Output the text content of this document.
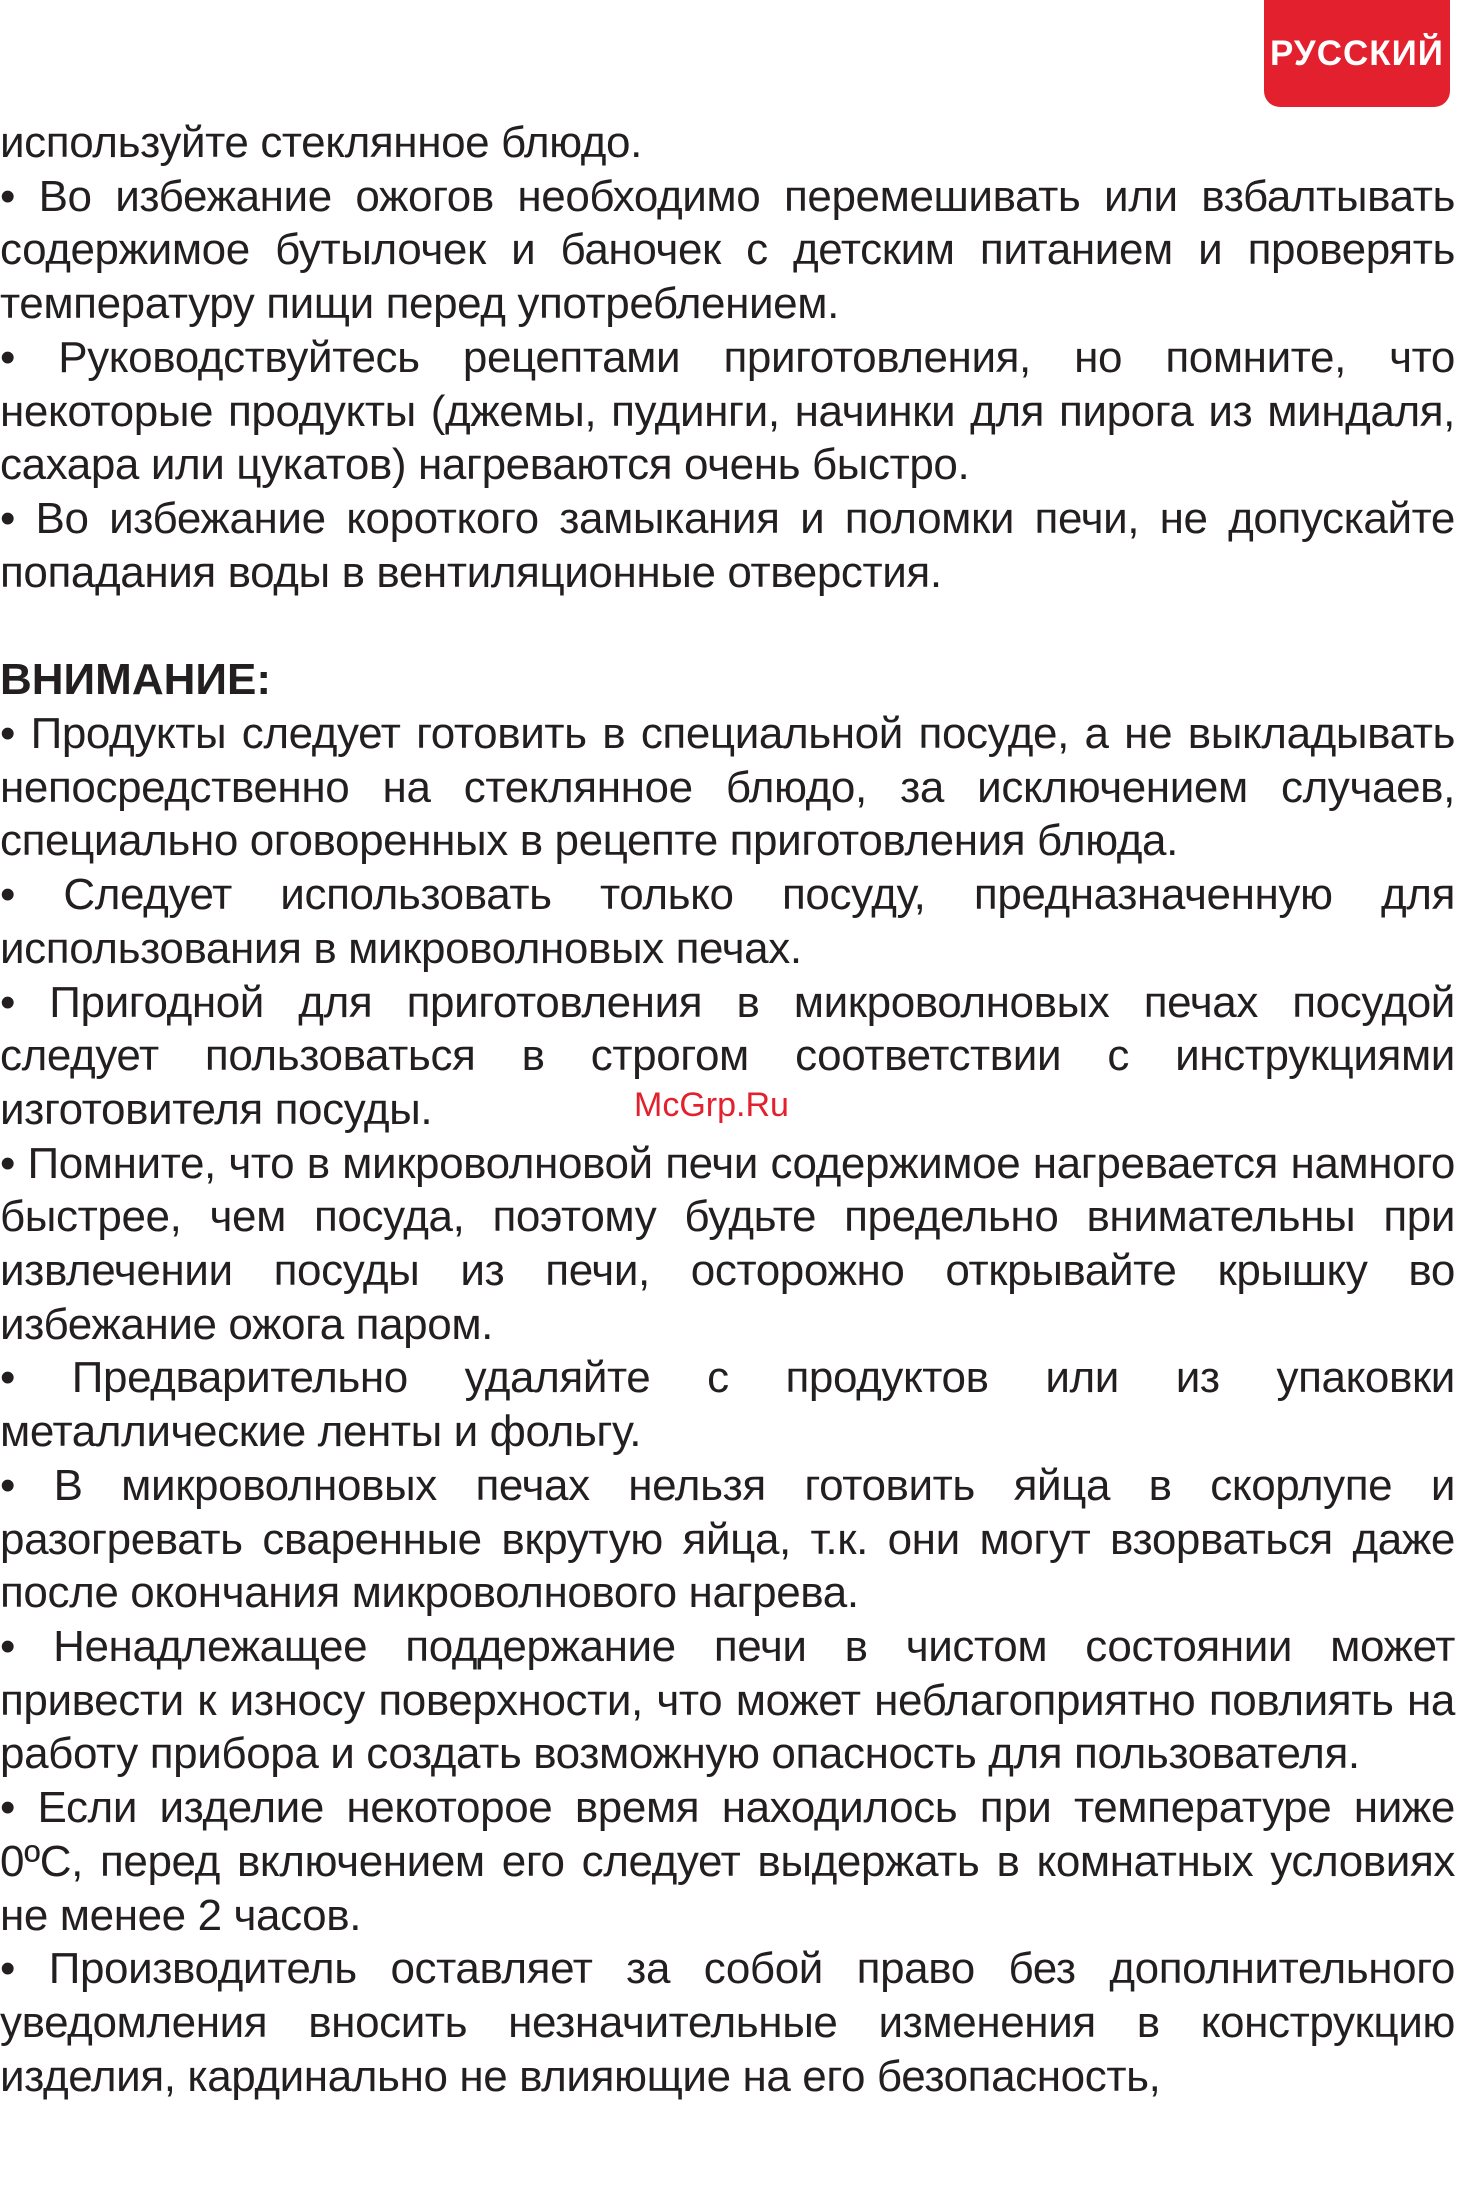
РУССКИЙ

используйте стеклянное блюдо.

• Во избежание ожогов необходимо перемешивать или взбалтывать содержимое бутылочек и баночек с детским питанием и проверять температуру пищи перед употреблением.

• Руководствуйтесь рецептами приготовления, но помните, что некоторые продукты (джемы, пудинги, начинки для пирога из миндаля, сахара или цукатов) нагреваются очень быстро.

• Во избежание короткого замыкания и поломки печи, не допускайте попадания воды в вентиляционные отверстия.

ВНИМАНИЕ:

• Продукты следует готовить в специальной посуде, а не выкладывать непосредственно на стеклянное блюдо, за исключением случаев, специально оговоренных в рецепте приготовления блюда.

• Следует использовать только посуду, предназначенную для использования в микроволновых печах.

• Пригодной для приготовления в микроволновых печах посудой следует пользоваться в строгом соответствии с инструкциями изготовителя посуды.

• Помните, что в микроволновой печи содержимое нагревается намного быстрее, чем посуда, поэтому будьте предельно внимательны при извлечении посуды из печи, осторожно открывайте крышку во избежание ожога паром.

• Предварительно удаляйте с продуктов или из упаковки металлические ленты и фольгу.

• В микроволновых печах нельзя готовить яйца в скорлупе и разогревать сваренные вкрутую яйца, т.к. они могут взорваться даже после окончания микроволнового нагрева.

• Ненадлежащее поддержание печи в чистом состоянии может привести к износу поверхности, что может неблагоприятно повлиять на работу прибора и создать возможную опасность для пользователя.

• Если изделие некоторое время находилось при температуре ниже 0ºС, перед включением его следует выдержать в комнатных условиях не менее 2 часов.

• Производитель оставляет за собой право без дополнительного уведомления вносить незначительные изменения в конструкцию изделия, кардинально не влияющие на его безопасность,

McGrp.Ru
